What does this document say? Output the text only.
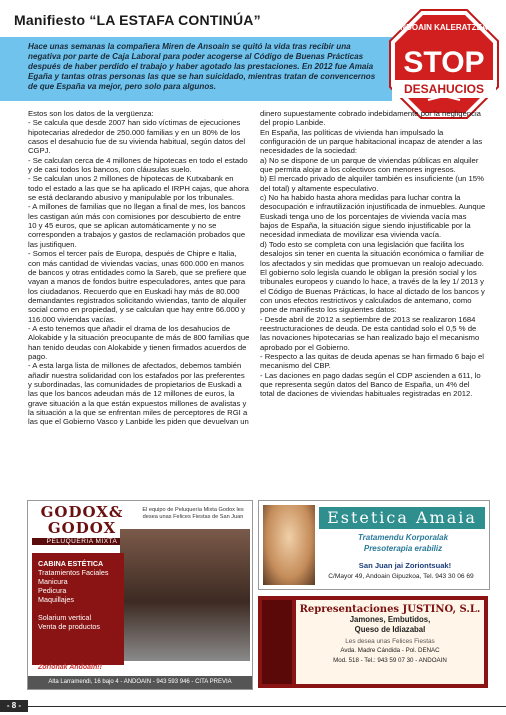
Manifiesto “LA ESTAFA CONTINÚA”

Hace unas semanas la compañera Miren de Ansoain se quitó la vida tras recibir una negativa por parte de Caja Laboral para poder acogerse al Código de Buenas Prácticas después de haber perdido el trabajo y haber agotado las prestaciones. En 2012 fue Amaia Egaña y tantas otras personas las que se han suicidado, mientras tratan de convencernos de que España va mejor, pero solo para algunos.

ANDOAIN KALERATZEAK
STOP
DESAHUCIOS
Estos son los datos de la vergüenza:
- Se calcula que desde 2007 han sido víctimas de ejecuciones hipotecarias alrededor de 250.000 familias y en un 80% de los casos el desahucio fue de su vivienda habitual, según datos del CGPJ.
- Se calculan cerca de 4 millones de hipotecas en todo el estado y de casi todos los bancos, con cláusulas suelo.
- Se calculan unos 2 millones de hipotecas de Kutxabank en todo el estado a las que se ha aplicado el IRPH cajas, que ahora se está declarando abusivo y manipulable por los tribunales.
- A millones de familias que no llegan a final de mes, los bancos les castigan aún más con comisiones por descubierto de entre 10 y 45 euros, que se aplican automáticamente y no se corresponden a trabajos y gastos de reclamación probados que las justifiquen.
- Somos el tercer país de Europa, después de Chipre e Italia, con más cantidad de viviendas vacias, unas 600.000 en manos de bancos y otras entidades como la Sareb, que se prefiere que vayan a manos de fondos buitre especuladores, antes que para los ciudadanos. Recuerdo que en Euskadi hay más de 80.000 demandantes registrados solicitando viviendas, tanto de alquiler social como en propiedad, y se calculan que hay entre 66.000 y 116.000 viviendas vacías.
- A esto tenemos que añadir el drama de los desahucios de Alokabide y la situación preocupante de más de 800 familias que han tenido deudas con Alokabide y tienen firmados acuerdos de pago.
- A esta larga lista de millones de afectados, debemos también añadir nuestra solidaridad con los estafados por las preferentes y subordinadas, las comunidades de propietarios de Euskadi a las que los bancos adeudan más de 12 millones de euros, la grave situación a la que están expuestos millones de avalistas y la situación a la que se enfrentan miles de perceptores de RGI a las que el Gobierno Vasco y Lanbide les piden que devuelvan un
dinero supuestamente cobrado indebidamente por la negligencia del propio Lanbide.
En España, las políticas de vivienda han impulsado la configuración de un parque habitacional incapaz de atender a las necesidades de la sociedad:
a) No se dispone de un parque de viviendas públicas en alquiler que permita alojar a los colectivos con menores ingresos.
b) El mercado privado de alquiler también es insuficiente (un 15% del total) y altamente especulativo.
c) No ha habido hasta ahora medidas para luchar contra la desocupación e infrautilización injustificada de inmuebles. Aunque Euskadi tenga uno de los porcentajes de vivienda vacía mas bajos de España, la situación sigue siendo injustificable por la necesidad inmediata de movilizar esa vivienda vacía.
d) Todo esto se completa con una legislación que facilita los desalojos sin tener en cuenta la situación económica o familiar de los afectados y sin medidas que promuevan un realojo adecuado.
El gobierno solo legisla cuando le obligan la presión social y los tribunales europeos y cuando lo hace, a través de la ley 1/ 2013 y el Código de Buenas Prácticas, lo hace al dictado de los bancos y con unos efectos restrictivos y calculados de antemano, como pone de manifiesto los siguientes datos:
- Desde abril de 2012 a septiembre de 2013 se realizaron 1684 reestructuraciones de deuda. De esta cantidad solo el 0,5 % de las novaciones hipotecarias se han realizado bajo el mecanismo aprobado por el Gobierno.
- Respecto a las quitas de deuda apenas se han firmado 6 bajo el mecanismo del CBP.
- Las daciones en pago dadas según el CDP ascienden a 611, lo que representa según datos del Banco de España, un 4% del total de daciones de viviendas habituales registradas en 2012.
GODOX&
GODOX
PELUQUERIA MIXTA
El equipo de Peluquería Mixta Godox les desea unas Felices Fiestas de San Juan
CABINA ESTÉTICA
Tratamientos Faciales
Manicura
Pedicura
Maquillajes

Solarium vertical
Venta de productos
Zorionak Andoain!!
Alta Larramendi, 16 bajo 4 - ANDOAIN - 943 593 946 - CITA PREVIA
Estetica Amaia
Tratamendu Korporalak
Presoterapia erabiliz
San Juan jai Zoriontsuak!
C/Mayor 49, Andoain Gipuzkoa, Tel. 943 30 06 69
Representaciones JUSTINO, S.L.
Jamones, Embutidos,
Queso de Idiazabal
Les desea unas Felices Fiestas
Avda. Madre Cándida - Pol. DENAC
Mod. 518 - Tel.: 943 59 07 30 - ANDOAIN
- 8 -
